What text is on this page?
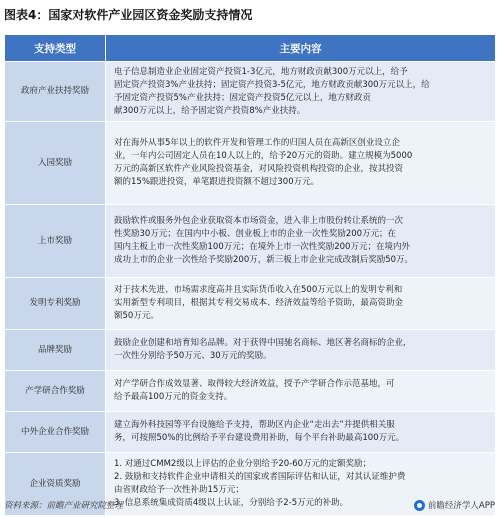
图表4：国家对软件产业园区资金奖励支持情况
支持类型	主要内容
政府产业扶持奖励	电子信息制造业企业固定资产投资1-3亿元，地方财政贡献300万元以上，给予
固定资产投资3%产业扶持；固定资产投资3-5亿元，地方财政贡献300万元以上，给
予固定资产投资5%产业扶持；固定资产投资5亿元以上，地方财政贡
献300万元以上，给予固定资产投资8%产业扶持。

入园奖励	对在海外从事5年以上的软件开发和管理工作的归国人员在高新区创业设立企
业，一年内公司固定人员在10人以上的，给予20万元的资助。建立规模为5000
万元的高新区软件产业风险投资基金，对风险投资机构投资的企业，按其投资
额的15%跟进投资，单笔跟进投资额不超过300万元。

上市奖励	鼓励软件或服务外包企业获取资本市场资金，进入非上市股份转让系统的一次
性奖励30万元；在国内中小板、创业板上市的企业一次性奖励200万元；在
国内主板上市一次性奖励100万元；在境外上市一次性奖励200万元；在境内外
成功上市的企业一次性给予奖励200万，新三板上市企业完成改制后奖励50万。

发明专利奖励	对于技术先进、市场需求度高并且实际货币收入在500万元以上的发明专利和
实用新型专利项目，根据其专利交易成本、经济效益等给予资助，最高资助金
额50万元。

品牌奖励	鼓励企业创建和培育知名品牌。对于获得中国驰名商标、地区著名商标的企业，
一次性分别给予50万元、30万元的奖励。

产学研合作奖励	对产学研合作成效显著、取得较大经济效益，授予产学研合作示范基地，可
给予最高100万元的资金支持。

中外企业合作奖励	建立海外科技园等平台设施给予支持，帮助区内企业“走出去”并提供相关服
务，可按照50%的比例给予平台建设费用补助，每个平台补助最高100万元。

企业资质奖励	1. 对通过CMM2级以上评估的企业分别给予20-60万元的定额奖励；
2. 鼓励和支持软件企业申请相关的国家或者国际评估和认证，对其认证维护费
由省财政给予一次性补助15万元；
3. 信息系统集成资质4级以上认证，分别给予2-5万元的补助。
资料来源：前瞻产业研究院整理	前瞻经济学人APP
